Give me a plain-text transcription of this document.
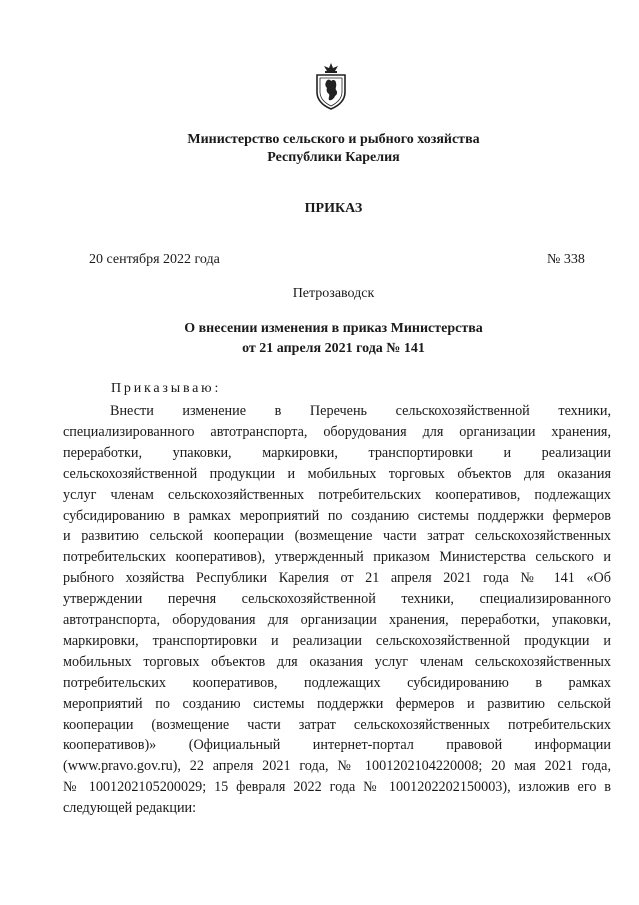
Министерство сельского и рыбного хозяйства
Республики Карелия
ПРИКАЗ
20 сентября 2022 года	№ 338
Петрозаводск
О внесении изменения в приказ Министерства
от 21 апреля 2021 года № 141
Приказываю:
Внести изменение в Перечень сельскохозяйственной техники,
специализированного автотранспорта, оборудования для организации хранения,
переработки, упаковки, маркировки, транспортировки и реализации
сельскохозяйственной продукции и мобильных торговых объектов для оказания
услуг членам сельскохозяйственных потребительских кооперативов, подлежащих
субсидированию в рамках мероприятий по созданию системы поддержки фермеров
и развитию сельской кооперации (возмещение части затрат сельскохозяйственных
потребительских кооперативов), утвержденный приказом Министерства сельского и
рыбного хозяйства Республики Карелия от 21 апреля 2021 года № 141 «Об
утверждении перечня сельскохозяйственной техники, специализированного
автотранспорта, оборудования для организации хранения, переработки, упаковки,
маркировки, транспортировки и реализации сельскохозяйственной продукции и
мобильных торговых объектов для оказания услуг членам сельскохозяйственных
потребительских кооперативов, подлежащих субсидированию в рамках
мероприятий по созданию системы поддержки фермеров и развитию сельской
кооперации (возмещение части затрат сельскохозяйственных потребительских
кооперативов)» (Официальный интернет-портал правовой информации
(www.pravo.gov.ru), 22 апреля 2021 года, № 1001202104220008; 20 мая 2021 года,
№ 1001202105200029; 15 февраля 2022 года № 1001202202150003), изложив его в
следующей редакции:
